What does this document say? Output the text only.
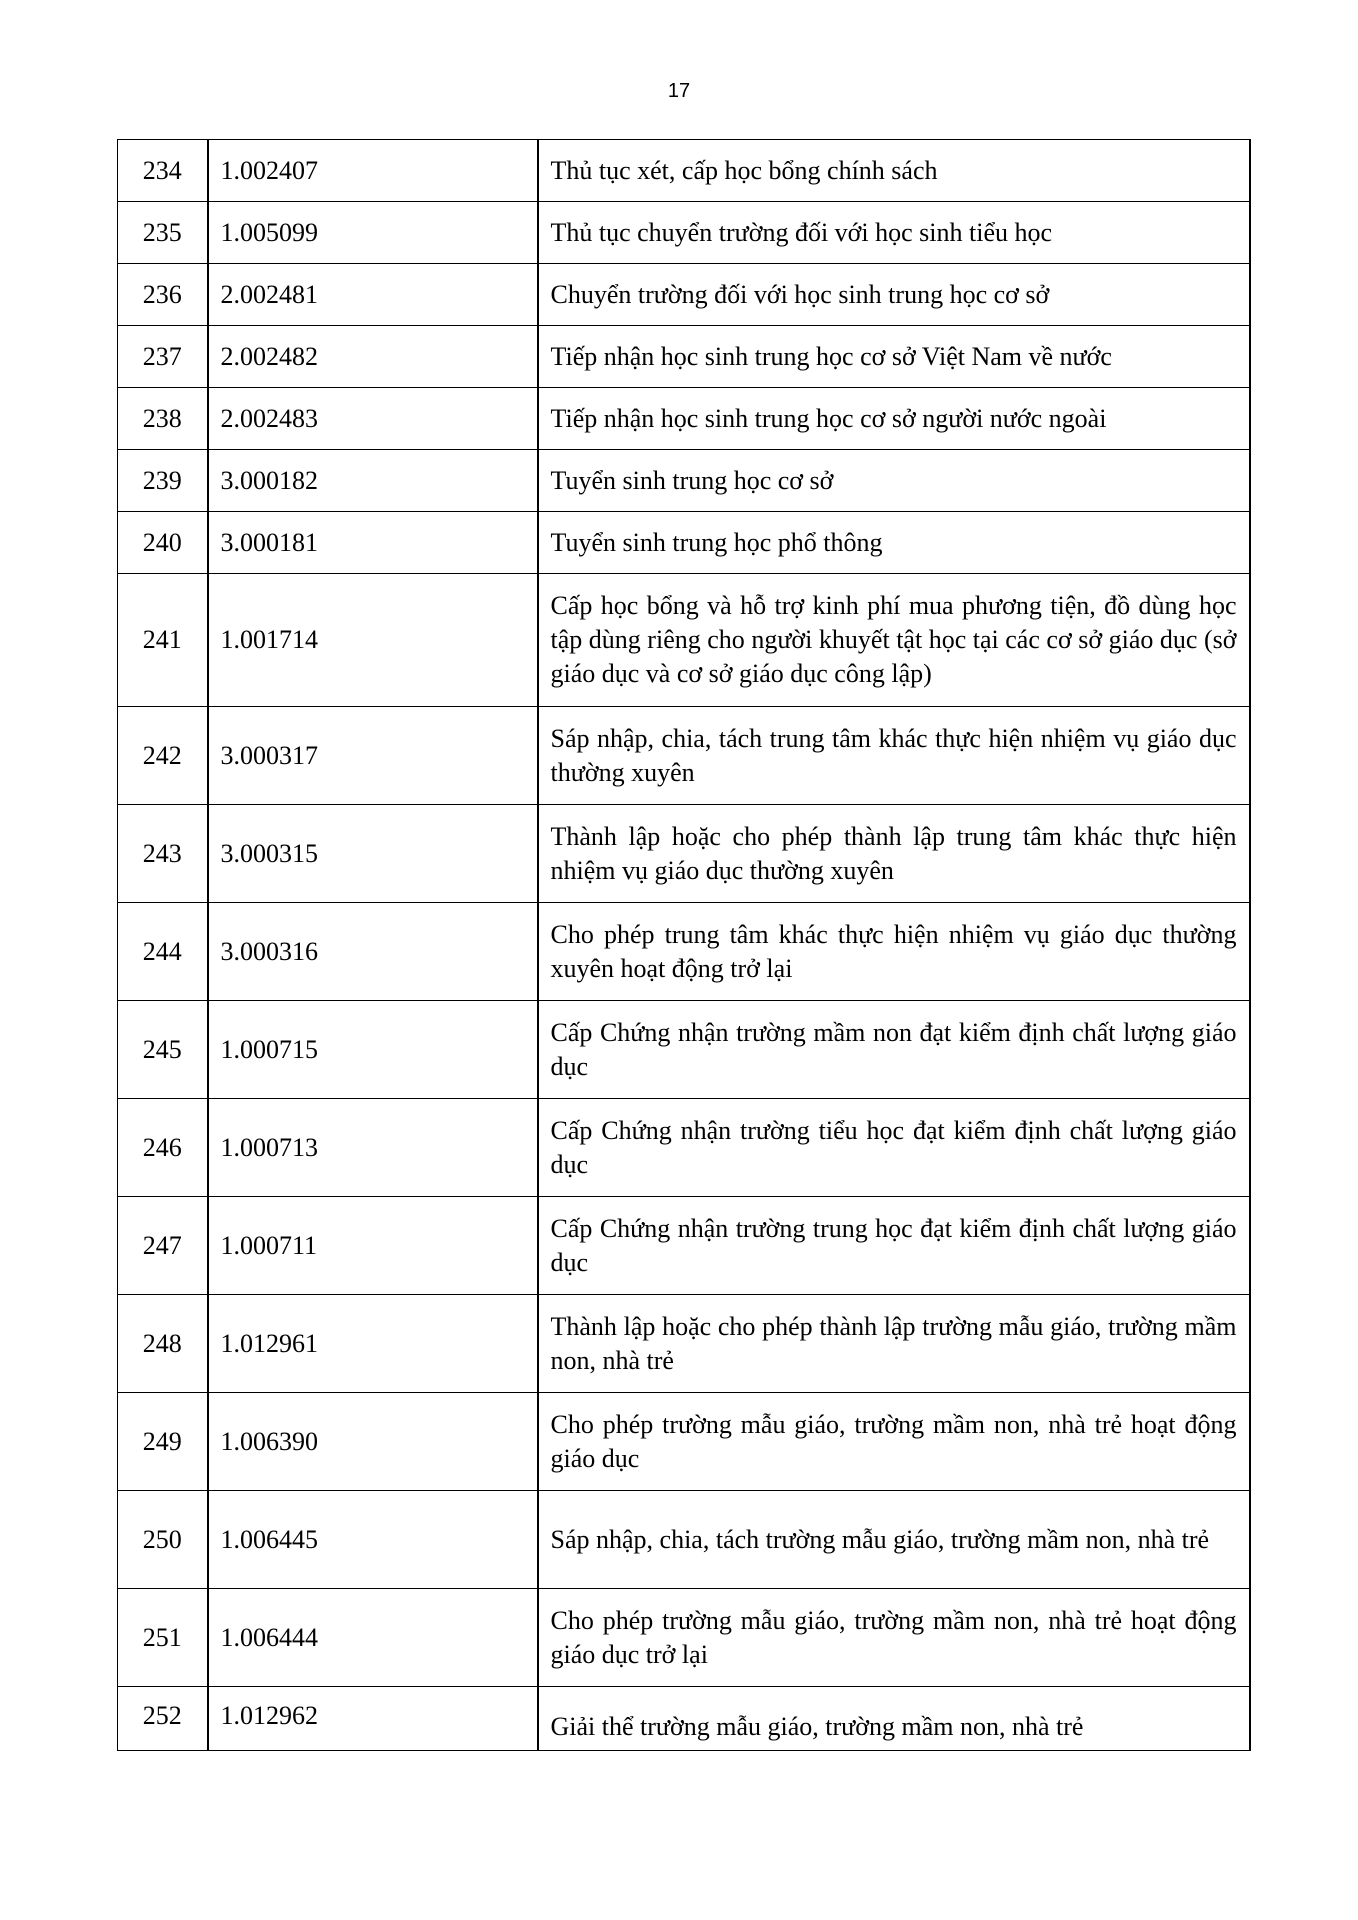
17
234	1.002407	Thủ tục xét, cấp học bổng chính sách
235	1.005099	Thủ tục chuyển trường đối với học sinh tiểu học
236	2.002481	Chuyển trường đối với học sinh trung học cơ sở
237	2.002482	Tiếp nhận học sinh trung học cơ sở Việt Nam về nước
238	2.002483	Tiếp nhận học sinh trung học cơ sở người nước ngoài
239	3.000182	Tuyển sinh trung học cơ sở
240	3.000181	Tuyển sinh trung học phổ thông
241	1.001714	Cấp học bổng và hỗ trợ kinh phí mua phương tiện, đồ dùng học tập dùng riêng cho người khuyết tật học tại các cơ sở giáo dục (sở giáo dục và cơ sở giáo dục công lập)
242	3.000317	Sáp nhập, chia, tách trung tâm khác thực hiện nhiệm vụ giáo dục thường xuyên
243	3.000315	Thành lập hoặc cho phép thành lập trung tâm khác thực hiện nhiệm vụ giáo dục thường xuyên
244	3.000316	Cho phép trung tâm khác thực hiện nhiệm vụ giáo dục thường xuyên hoạt động trở lại
245	1.000715	Cấp Chứng nhận trường mầm non đạt kiểm định chất lượng giáo dục
246	1.000713	Cấp Chứng nhận trường tiểu học đạt kiểm định chất lượng giáo dục
247	1.000711	Cấp Chứng nhận trường trung học đạt kiểm định chất lượng giáo dục
248	1.012961	Thành lập hoặc cho phép thành lập trường mẫu giáo, trường mầm non, nhà trẻ
249	1.006390	Cho phép trường mẫu giáo, trường mầm non, nhà trẻ hoạt động giáo dục
250	1.006445	Sáp nhập, chia, tách trường mẫu giáo, trường mầm non, nhà trẻ
251	1.006444	Cho phép trường mẫu giáo, trường mầm non, nhà trẻ hoạt động giáo dục trở lại
252	1.012962	Giải thể trường mẫu giáo, trường mầm non, nhà trẻ
